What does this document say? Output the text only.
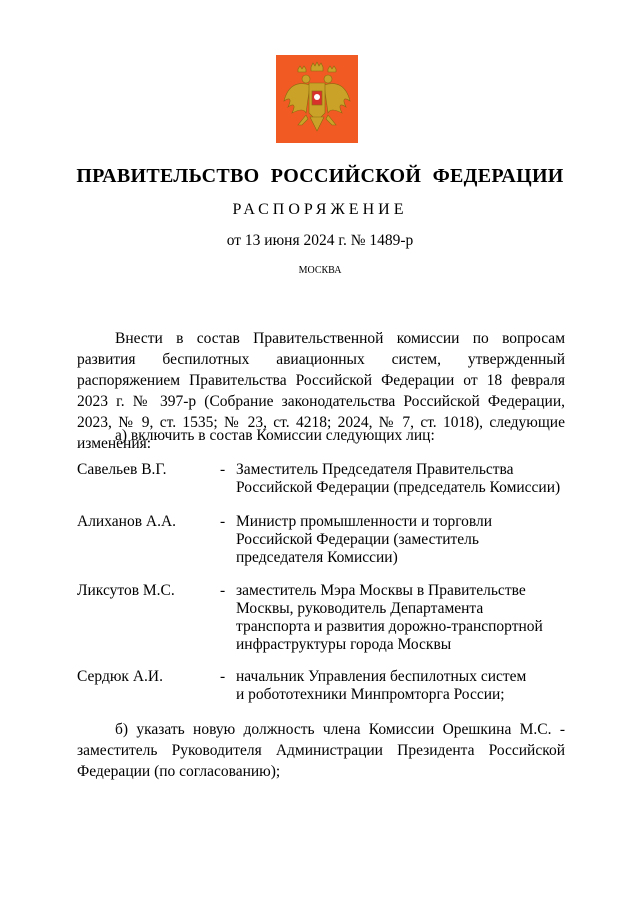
ПРАВИТЕЛЬСТВО РОССИЙСКОЙ ФЕДЕРАЦИИ
РАСПОРЯЖЕНИЕ
от 13 июня 2024 г. № 1489-р
МОСКВА

Внести в состав Правительственной комиссии по вопросам развития беспилотных авиационных систем, утвержденный распоряжением Правительства Российской Федерации от 18 февраля 2023 г. № 397-р (Собрание законодательства Российской Федерации, 2023, № 9, ст. 1535; № 23, ст. 4218; 2024, № 7, ст. 1018), следующие изменения:

а) включить в состав Комиссии следующих лиц:

Савельев В.Г.	- Заместитель Председателя Правительства
Российской Федерации (председатель Комиссии)
Алиханов А.А.	- Министр промышленности и торговли
Российской Федерации (заместитель
председателя Комиссии)
Ликсутов М.С.	- заместитель Мэра Москвы в Правительстве
Москвы, руководитель Департамента
транспорта и развития дорожно-транспортной
инфраструктуры города Москвы
Сердюк А.И.	- начальник Управления беспилотных систем
и робототехники Минпромторга России;

б) указать новую должность члена Комиссии Орешкина М.С. - заместитель Руководителя Администрации Президента Российской Федерации (по согласованию);
